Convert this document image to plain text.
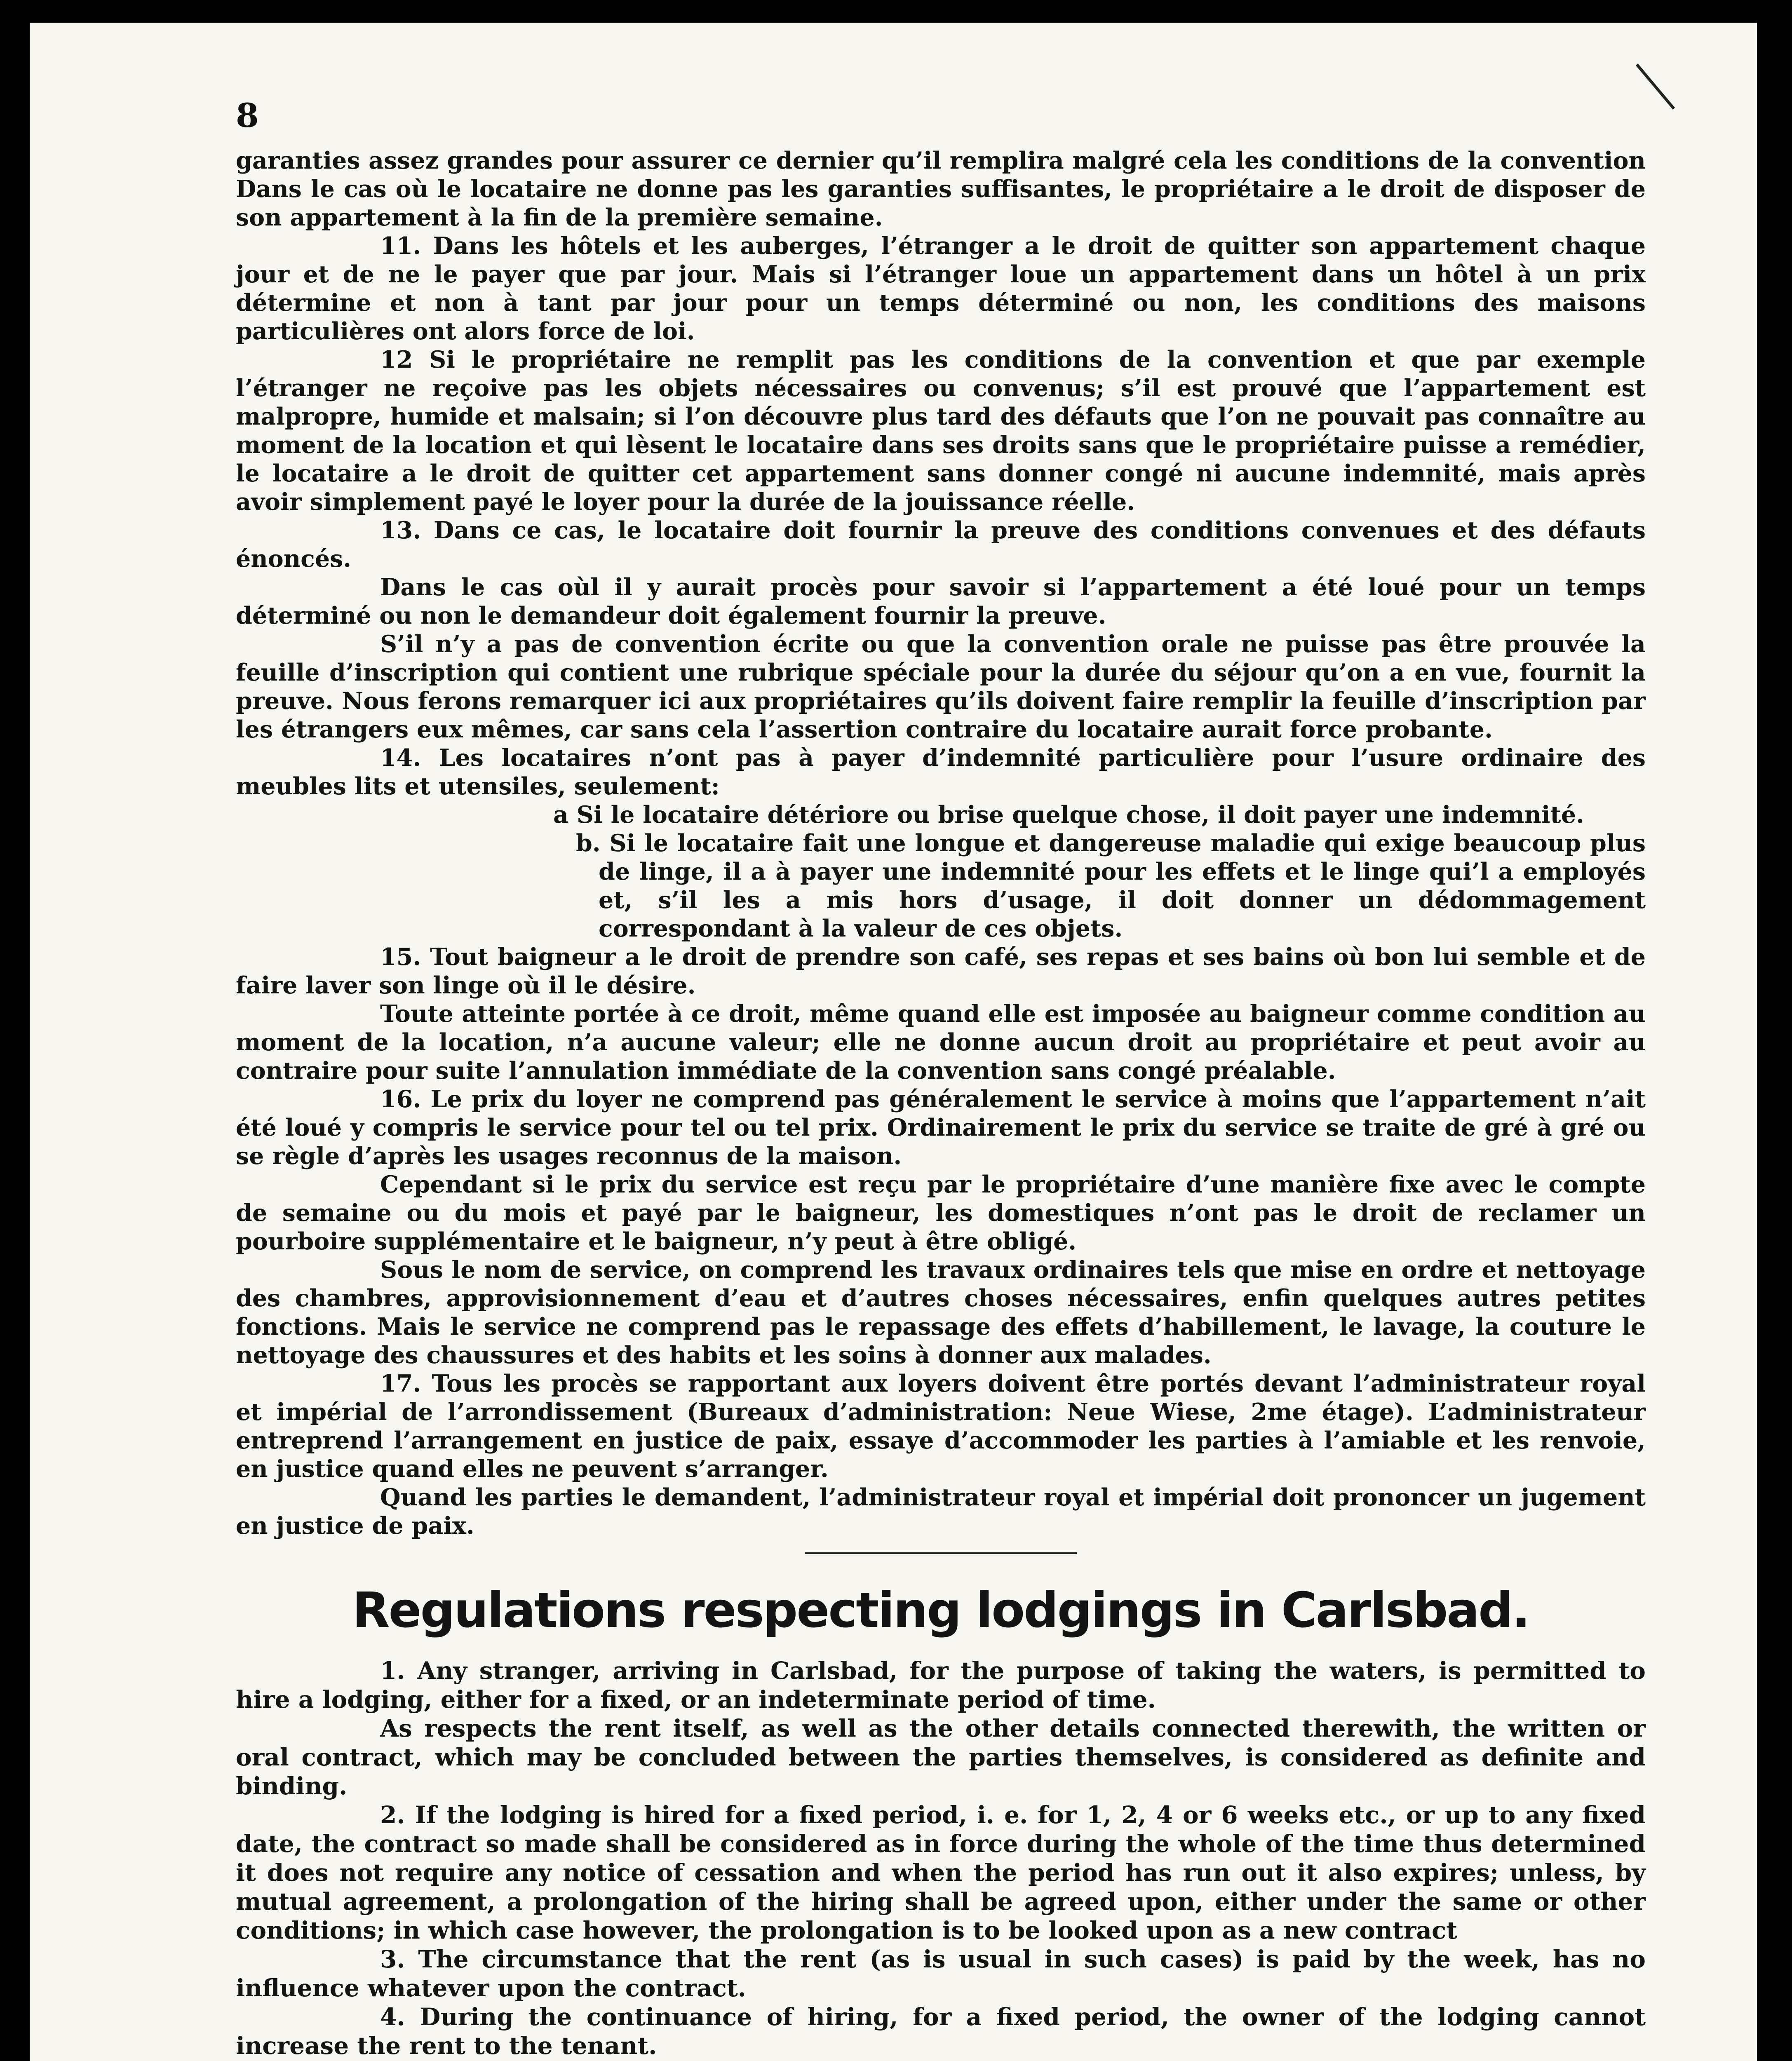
8

garanties assez grandes pour assurer ce dernier qu’il remplira malgré cela les conditions de la convention Dans le cas où le locataire ne donne pas les garanties suffisantes, le propriétaire a le droit de disposer de son appartement à la fin de la première semaine.

11. Dans les hôtels et les auberges, l’étranger a le droit de quitter son appartement chaque jour et de ne le payer que par jour. Mais si l’étranger loue un appartement dans un hôtel à un prix détermine et non à tant par jour pour un temps déterminé ou non, les conditions des maisons particulières ont alors force de loi.

12 Si le propriétaire ne remplit pas les conditions de la convention et que par exemple l’étranger ne reçoive pas les objets nécessaires ou convenus; s’il est prouvé que l’appartement est malpropre, humide et malsain; si l’on découvre plus tard des défauts que l’on ne pouvait pas connaître au moment de la location et qui lèsent le locataire dans ses droits sans que le propriétaire puisse a remédier, le locataire a le droit de quitter cet appartement sans donner congé ni aucune indemnité, mais après avoir simplement payé le loyer pour la durée de la jouissance réelle.

13. Dans ce cas, le locataire doit fournir la preuve des conditions convenues et des défauts énoncés.

Dans le cas oùl il y aurait procès pour savoir si l’appartement a été loué pour un temps déterminé ou non le demandeur doit également fournir la preuve.

S’il n’y a pas de convention écrite ou que la convention orale ne puisse pas être prouvée la feuille d’inscription qui contient une rubrique spéciale pour la durée du séjour qu’on a en vue, fournit la preuve. Nous ferons remarquer ici aux propriétaires qu’ils doivent faire remplir la feuille d’inscription par les étrangers eux mêmes, car sans cela l’assertion contraire du locataire aurait force probante.

14. Les locataires n’ont pas à payer d’indemnité particulière pour l’usure ordinaire des meubles lits et utensiles, seulement:

a Si le locataire détériore ou brise quelque chose, il doit payer une indemnité.

b. Si le locataire fait une longue et dangereuse maladie qui exige beaucoup plus de linge, il a à payer une indemnité pour les effets et le linge qui’l a employés et, s’il les a mis hors d’usage, il doit donner un dédommagement correspondant à la valeur de ces objets.

15. Tout baigneur a le droit de prendre son café, ses repas et ses bains où bon lui semble et de faire laver son linge où il le désire.

Toute atteinte portée à ce droit, même quand elle est imposée au baigneur comme condition au moment de la location, n’a aucune valeur; elle ne donne aucun droit au propriétaire et peut avoir au contraire pour suite l’annulation immédiate de la convention sans congé préalable.

16. Le prix du loyer ne comprend pas généralement le service à moins que l’appartement n’ait été loué y compris le service pour tel ou tel prix. Ordinairement le prix du service se traite de gré à gré ou se règle d’après les usages reconnus de la maison.

Cependant si le prix du service est reçu par le propriétaire d’une manière fixe avec le compte de semaine ou du mois et payé par le baigneur, les domestiques n’ont pas le droit de reclamer un pourboire supplémentaire et le baigneur, n’y peut à être obligé.

Sous le nom de service, on comprend les travaux ordinaires tels que mise en ordre et nettoyage des chambres, approvisionnement d’eau et d’autres choses nécessaires, enfin quelques autres petites fonctions. Mais le service ne comprend pas le repassage des effets d’habillement, le lavage, la couture le nettoyage des chaussures et des habits et les soins à donner aux malades.

17. Tous les procès se rapportant aux loyers doivent être portés devant l’administrateur royal et impérial de l’arrondissement (Bureaux d’administration: Neue Wiese, 2me étage). L’administrateur entreprend l’arrangement en justice de paix, essaye d’accommoder les parties à l’amiable et les renvoie, en justice quand elles ne peuvent s’arranger.

Quand les parties le demandent, l’administrateur royal et impérial doit prononcer un jugement en justice de paix.

Regulations respecting lodgings in Carlsbad.

1. Any stranger, arriving in Carlsbad, for the purpose of taking the waters, is permitted to hire a lodging, either for a fixed, or an indeterminate period of time.

As respects the rent itself, as well as the other details connected therewith, the written or oral contract, which may be concluded between the parties themselves, is considered as definite and binding.

2. If the lodging is hired for a fixed period, i. e. for 1, 2, 4 or 6 weeks etc., or up to any fixed date, the contract so made shall be considered as in force during the whole of the time thus determined it does not require any notice of cessation and when the period has run out it also expires; unless, by mutual agreement, a prolongation of the hiring shall be agreed upon, either under the same or other conditions; in which case however, the prolongation is to be looked upon as a new contract

3. The circumstance that the rent (as is usual in such cases) is paid by the week, has no influence whatever upon the contract.

4. During the continuance of hiring, for a fixed period, the owner of the lodging cannot increase the rent to the tenant.
